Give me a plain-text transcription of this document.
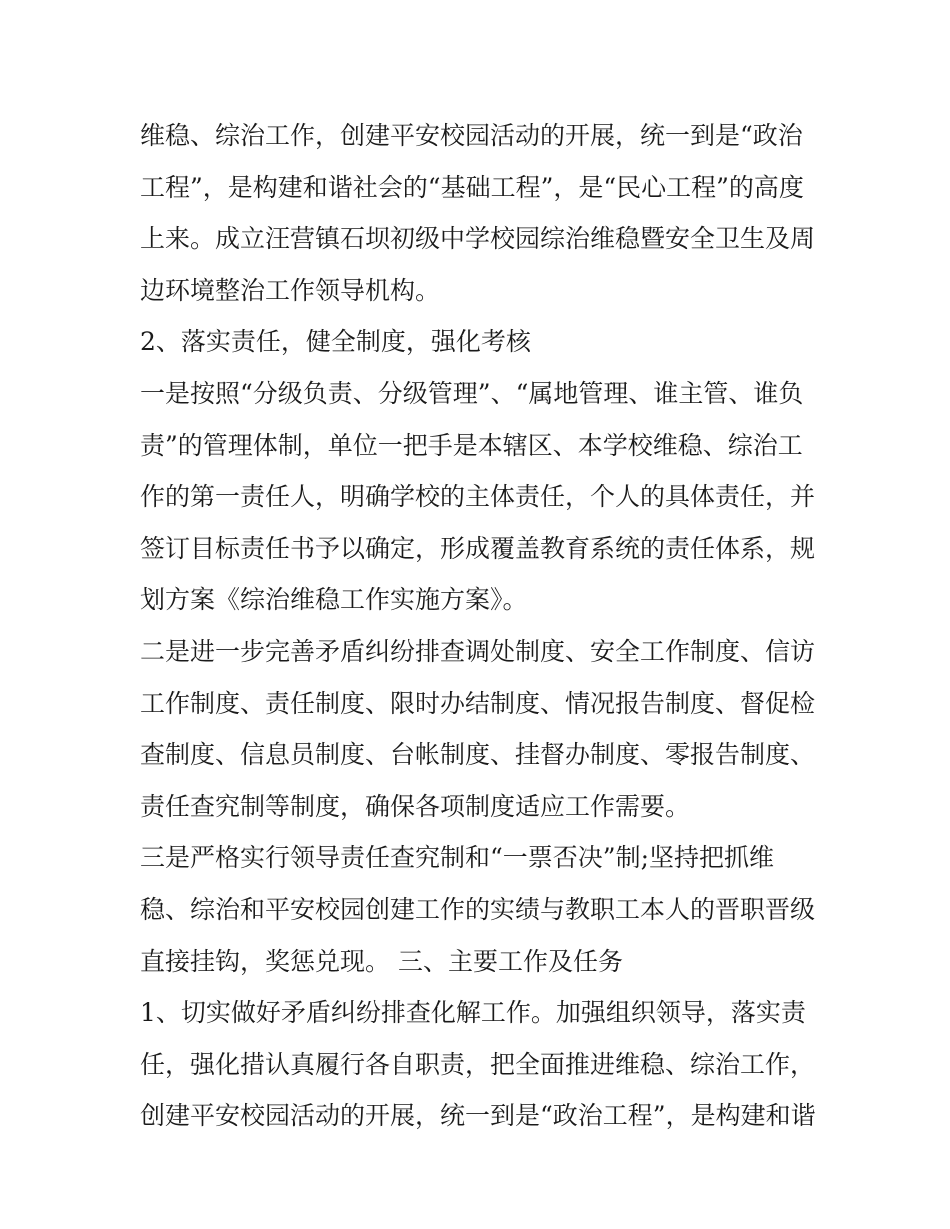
维稳、综治工作，创建平安校园活动的开展，统一到是“政治
工程”，是构建和谐社会的“基础工程”，是“民心工程”的高度
上来。成立汪营镇石坝初级中学校园综治维稳暨安全卫生及周
边环境整治工作领导机构。
2、落实责任，健全制度，强化考核
一是按照“分级负责、分级管理”、“属地管理、谁主管、谁负
责”的管理体制，单位一把手是本辖区、本学校维稳、综治工
作的第一责任人，明确学校的主体责任，个人的具体责任，并
签订目标责任书予以确定，形成覆盖教育系统的责任体系，规
划方案《综治维稳工作实施方案》。
二是进一步完善矛盾纠纷排查调处制度、安全工作制度、信访
工作制度、责任制度、限时办结制度、情况报告制度、督促检
查制度、信息员制度、台帐制度、挂督办制度、零报告制度、
责任查究制等制度，确保各项制度适应工作需要。
三是严格实行领导责任查究制和“一票否决”制;坚持把抓维
稳、综治和平安校园创建工作的实绩与教职工本人的晋职晋级
直接挂钩，奖惩兑现。 三、主要工作及任务
1、切实做好矛盾纠纷排查化解工作。加强组织领导，落实责
任，强化措认真履行各自职责，把全面推进维稳、综治工作，
创建平安校园活动的开展，统一到是“政治工程”，是构建和谐
